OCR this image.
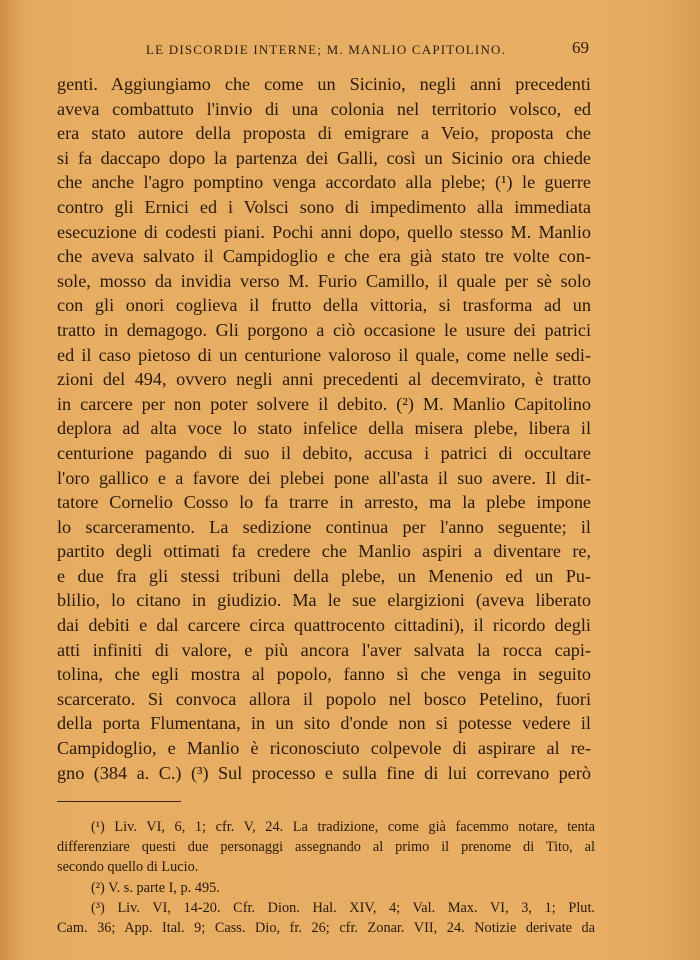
LE DISCORDIE INTERNE; M. MANLIO CAPITOLINO.	69
genti. Aggiungiamo che come un Sicinio, negli anni precedenti
aveva combattuto l'invio di una colonia nel territorio volsco, ed
era stato autore della proposta di emigrare a Veio, proposta che
si fa daccapo dopo la partenza dei Galli, così un Sicinio ora chiede
che anche l'agro pomptino venga accordato alla plebe; (¹) le guerre
contro gli Ernici ed i Volsci sono di impedimento alla immediata
esecuzione di codesti piani. Pochi anni dopo, quello stesso M. Manlio
che aveva salvato il Campidoglio e che era già stato tre volte con-
sole, mosso da invidia verso M. Furio Camillo, il quale per sè solo
con gli onori coglieva il frutto della vittoria, si trasforma ad un
tratto in demagogo. Gli porgono a ciò occasione le usure dei patrici
ed il caso pietoso di un centurione valoroso il quale, come nelle sedi-
zioni del 494, ovvero negli anni precedenti al decemvirato, è tratto
in carcere per non poter solvere il debito. (²) M. Manlio Capitolino
deplora ad alta voce lo stato infelice della misera plebe, libera il
centurione pagando di suo il debito, accusa i patrici di occultare
l'oro gallico e a favore dei plebei pone all'asta il suo avere. Il dit-
tatore Cornelio Cosso lo fa trarre in arresto, ma la plebe impone
lo scarceramento. La sedizione continua per l'anno seguente; il
partito degli ottimati fa credere che Manlio aspiri a diventare re,
e due fra gli stessi tribuni della plebe, un Menenio ed un Pu-
blilio, lo citano in giudizio. Ma le sue elargizioni (aveva liberato
dai debiti e dal carcere circa quattrocento cittadini), il ricordo degli
atti infiniti di valore, e più ancora l'aver salvata la rocca capi-
tolina, che egli mostra al popolo, fanno sì che venga in seguito
scarcerato. Si convoca allora il popolo nel bosco Petelino, fuori
della porta Flumentana, in un sito d'onde non si potesse vedere il
Campidoglio, e Manlio è riconosciuto colpevole di aspirare al re-
gno (384 a. C.) (³) Sul processo e sulla fine di lui correvano però
(¹) Liv. VI, 6, 1; cfr. V, 24. La tradizione, come già facemmo notare, tenta
differenziare questi due personaggi assegnando al primo il prenome di Tito, al
secondo quello di Lucio.
(²) V. s. parte I, p. 495.
(³) Liv. VI, 14-20. Cfr. Dion. Hal. XIV, 4; Val. Max. VI, 3, 1; Plut.
Cam. 36; App. Ital. 9; Cass. Dio, fr. 26; cfr. Zonar. VII, 24. Notizie derivate da
